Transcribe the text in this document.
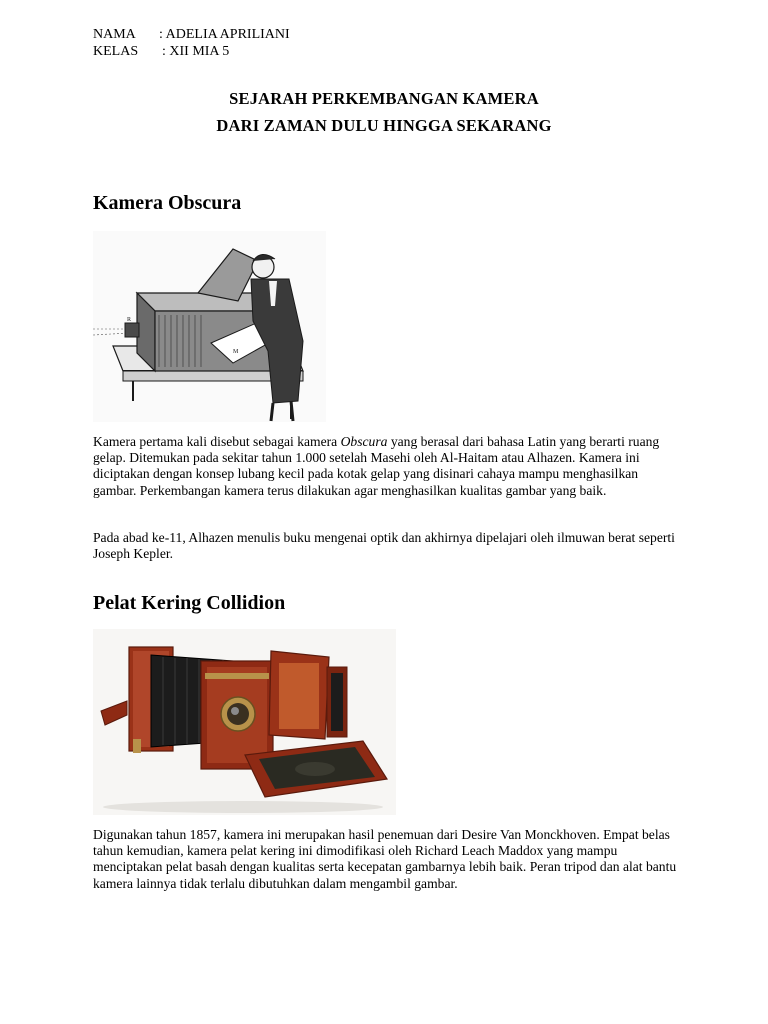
NAMA	: ADELIA APRILIANI
KELAS	: XII MIA 5
SEJARAH PERKEMBANGAN KAMERA
DARI ZAMAN DULU HINGGA SEKARANG
Kamera Obscura
R
M

Kamera pertama kali disebut sebagai kamera Obscura yang berasal dari bahasa Latin yang berarti ruang gelap. Ditemukan pada sekitar tahun 1.000 setelah Masehi oleh Al-Haitam atau Alhazen. Kamera ini diciptakan dengan konsep lubang kecil pada kotak gelap yang disinari cahaya mampu menghasilkan gambar. Perkembangan kamera terus dilakukan agar menghasilkan kualitas gambar yang baik.

Pada abad ke-11, Alhazen menulis buku mengenai optik dan akhirnya dipelajari oleh ilmuwan berat seperti Joseph Kepler.

Pelat Kering Collidion

Digunakan tahun 1857, kamera ini merupakan hasil penemuan dari Desire Van Monckhoven. Empat belas tahun kemudian, kamera pelat kering ini dimodifikasi oleh Richard Leach Maddox yang mampu menciptakan pelat basah dengan kualitas serta kecepatan gambarnya lebih baik. Peran tripod dan alat bantu kamera lainnya tidak terlalu dibutuhkan dalam mengambil gambar.
